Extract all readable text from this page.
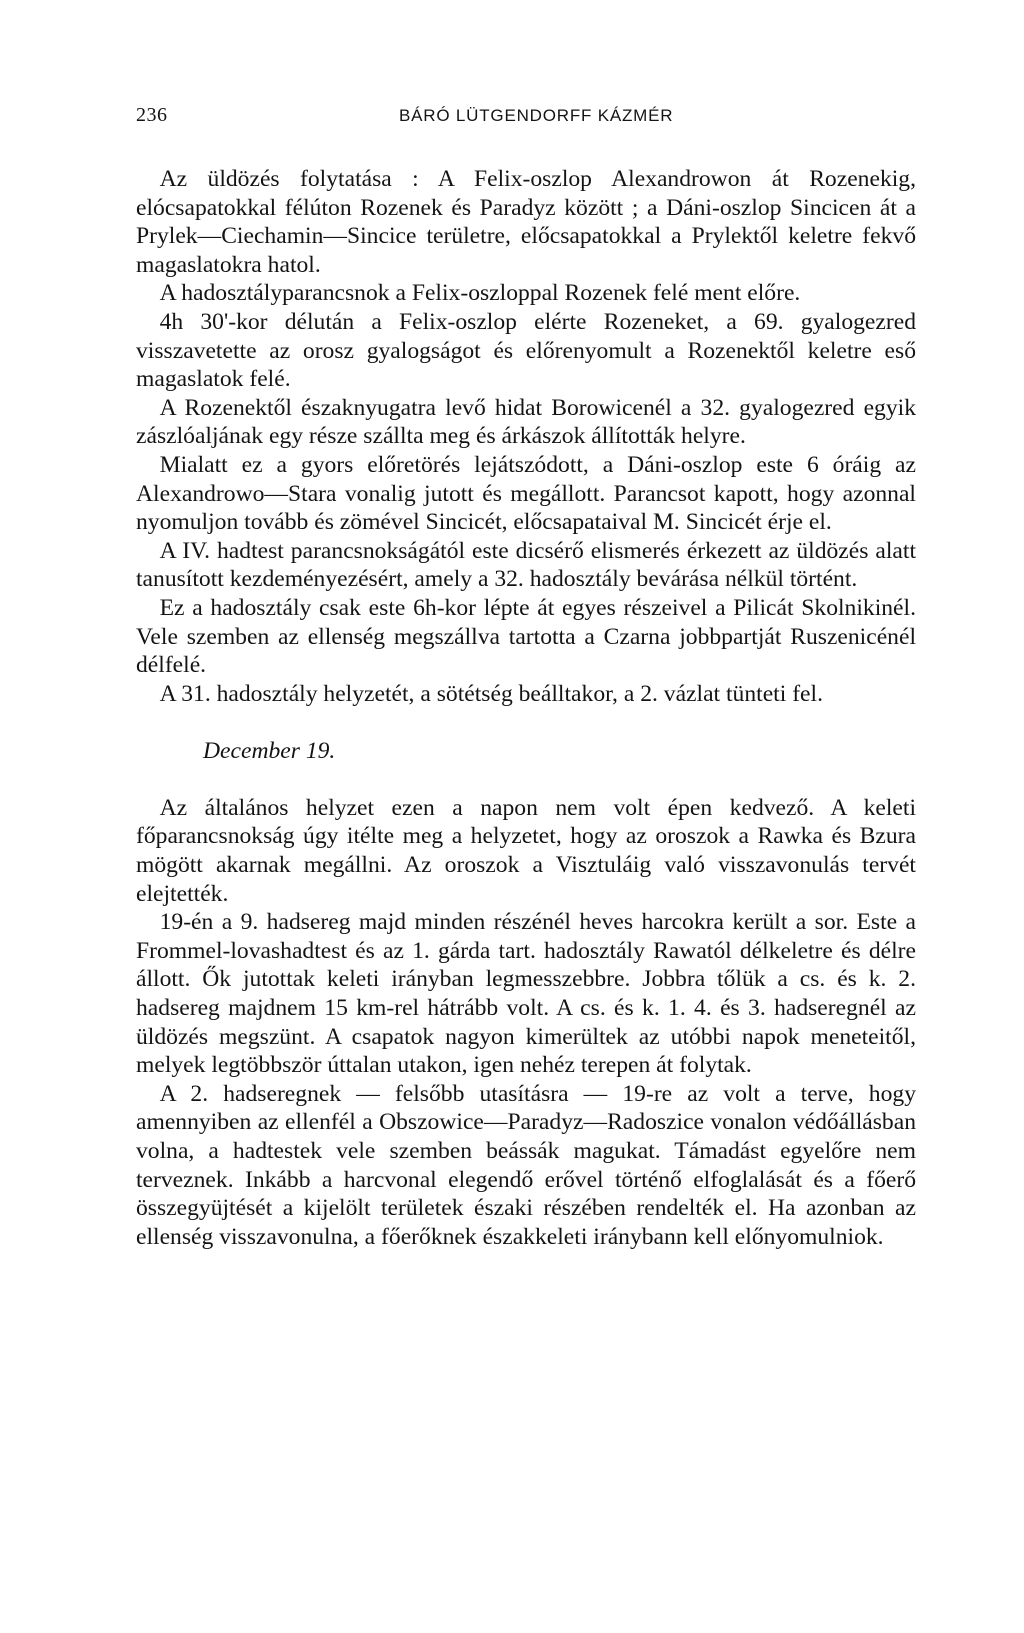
236	BÁRÓ LÜTGENDORFF KÁZMÉR

 Az üldözés folytatása : A Felix-oszlop Alexandrowon át Rozenekig, elócsapatokkal félúton Rozenek és Paradyz között ; a Dáni-oszlop Sincicen át a Prylek—Ciechamin—Sincice területre, előcsapatokkal a Prylektől keletre fekvő magaslatokra hatol.

 A hadosztályparancsnok a Felix-oszloppal Rozenek felé ment előre.

 4h 30'-kor délután a Felix-oszlop elérte Rozeneket, a 69. gyalogezred visszavetette az orosz gyalogságot és előrenyomult a Rozenektől keletre eső magaslatok felé.

 A Rozenektől északnyugatra levő hidat Borowicenél a 32. gyalogezred egyik zászlóaljának egy része szállta meg és árkászok állították helyre.

 Mialatt ez a gyors előretörés lejátszódott, a Dáni-oszlop este 6 óráig az Alexandrowo—Stara vonalig jutott és megállott. Parancsot kapott, hogy azonnal nyomuljon tovább és zömével Sincicét, előcsapataival M. Sincicét érje el.

 A IV. hadtest parancsnokságától este dicsérő elismerés érkezett az üldözés alatt tanusított kezdeményezésért, amely a 32. hadosztály bevárása nélkül történt.

 Ez a hadosztály csak este 6h-kor lépte át egyes részeivel a Pilicát Skolnikinél. Vele szemben az ellenség megszállva tartotta a Czarna jobbpartját Ruszenicénél délfelé.

 A 31. hadosztály helyzetét, a sötétség beálltakor, a 2. vázlat tünteti fel.

December 19.

 Az általános helyzet ezen a napon nem volt épen kedvező. A keleti főparancsnokság úgy itélte meg a helyzetet, hogy az oroszok a Rawka és Bzura mögött akarnak megállni. Az oroszok a Visztuláig való visszavonulás tervét elejtették.

 19-én a 9. hadsereg majd minden részénél heves harcokra került a sor. Este a Frommel-lovashadtest és az 1. gárda tart. hadosztály Rawatól délkeletre és délre állott. Ők jutottak keleti irányban legmesszebbre. Jobbra tőlük a cs. és k. 2. hadsereg majdnem 15 km-rel hátrább volt. A cs. és k. 1. 4. és 3. hadseregnél az üldözés megszünt. A csapatok nagyon kimerültek az utóbbi napok meneteitől, melyek legtöbbször úttalan utakon, igen nehéz terepen át folytak.

 A 2. hadseregnek — felsőbb utasításra — 19-re az volt a terve, hogy amennyiben az ellenfél a Obszowice—Paradyz—Radoszice vonalon védőállásban volna, a hadtestek vele szemben beássák magukat. Támadást egyelőre nem terveznek. Inkább a harcvonal elegendő erővel történő elfoglalását és a főerő összegyüjtését a kijelölt területek északi részében rendelték el. Ha azonban az ellenség visszavonulna, a főerőknek északkeleti iránybann kell előnyomulniok.
